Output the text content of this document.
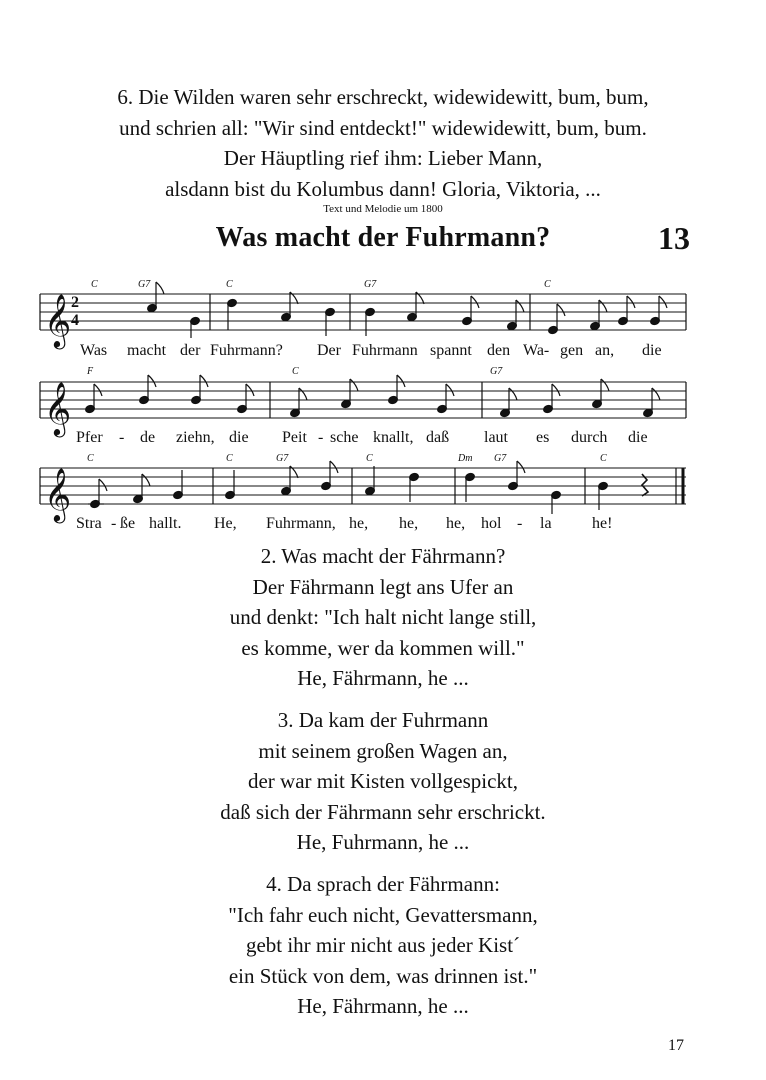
6. Die Wilden waren sehr erschreckt, widewidewitt, bum, bum,
und schrien all: "Wir sind entdeckt!" widewidewitt, bum, bum.
Der Häuptling rief ihm: Lieber Mann,
alsdann bist du Kolumbus dann! Gloria, Viktoria, ...
Text und Melodie um 1800
Was macht der Fuhrmann?	13
𝄞
𝄞
𝄞
2
4
C	G7	C	G7	C
F	C	G7
C	C	G7	C	Dm G7	C
Was macht der Fuhrmann? Der Fuhrmann spannt den Wa- gen an, die
Pfer - de ziehn, die Peit - sche knallt, daß laut es durch die
Stra - ße hallt. He, Fuhrmann, he, he, he, hol - la	he!
2. Was macht der Fährmann?
Der Fährmann legt ans Ufer an
und denkt: "Ich halt nicht lange still,
es komme, wer da kommen will."
He, Fährmann, he ...
3. Da kam der Fuhrmann
mit seinem großen Wagen an,
der war mit Kisten vollgespickt,
daß sich der Fährmann sehr erschrickt.
He, Fuhrmann, he ...
4. Da sprach der Fährmann:
"Ich fahr euch nicht, Gevattersmann,
gebt ihr mir nicht aus jeder Kist´
ein Stück von dem, was drinnen ist."
He, Fährmann, he ...
17
